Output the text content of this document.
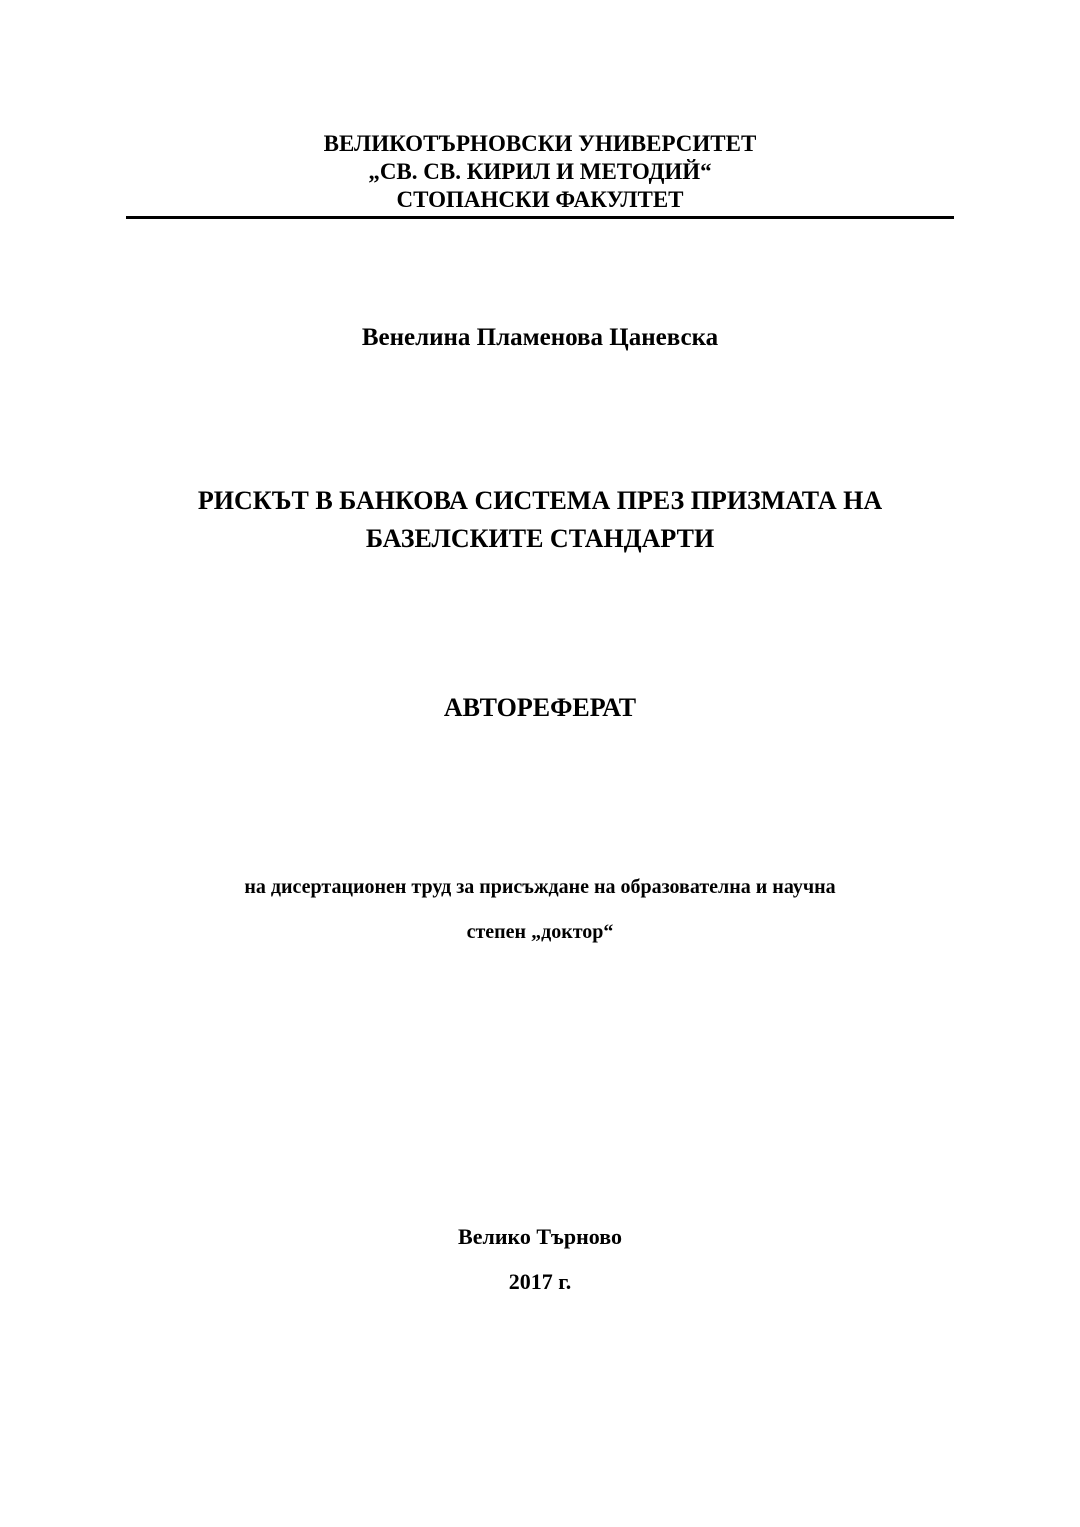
ВЕЛИКОТЪРНОВСКИ УНИВЕРСИТЕТ
„СВ. СВ. КИРИЛ И МЕТОДИЙ“
СТОПАНСКИ ФАКУЛТЕТ
Венелина Пламенова Цаневска
РИСКЪТ В БАНКОВА СИСТЕМА ПРЕЗ ПРИЗМАТА НА
БАЗЕЛСКИТЕ СТАНДАРТИ
АВТОРЕФЕРАТ
на дисертационен труд за присъждане на образователна и научна
степен „доктор“
Велико Търново
2017 г.
